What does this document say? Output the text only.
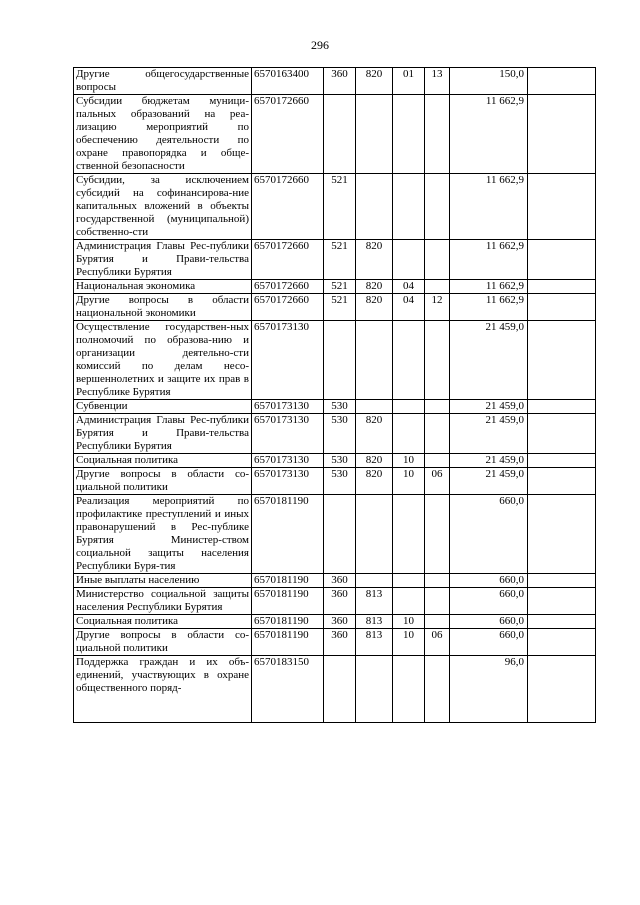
296
Другие общегосударственные вопросы	6570163400	360	820	01	13	150,0	
Субсидии бюджетам муници-пальных образований на реа-лизацию мероприятий по обеспечению деятельности по охране правопорядка и обще-ственной безопасности	6570172660					11 662,9	
Субсидии, за исключением субсидий на софинансирова-ние капитальных вложений в объекты государственной (муниципальной) собственно-сти	6570172660	521				11 662,9	
Администрация Главы Рес-публики Бурятия и Прави-тельства Республики Бурятия	6570172660	521	820			11 662,9	
Национальная экономика	6570172660	521	820	04		11 662,9	
Другие вопросы в области национальной экономики	6570172660	521	820	04	12	11 662,9	
Осуществление государствен-ных полномочий по образова-нию и организации деятельно-сти комиссий по делам несо-вершеннолетних и защите их прав в Республике Бурятия	6570173130					21 459,0	
Субвенции	6570173130	530				21 459,0	
Администрация Главы Рес-публики Бурятия и Прави-тельства Республики Бурятия	6570173130	530	820			21 459,0	
Социальная политика	6570173130	530	820	10		21 459,0	
Другие вопросы в области со-циальной политики	6570173130	530	820	10	06	21 459,0	
Реализация мероприятий по профилактике преступлений и иных правонарушений в Рес-публике Бурятия Министер-ством социальной защиты населения Республики Буря-тия	6570181190					660,0	
Иные выплаты населению	6570181190	360				660,0	
Министерство социальной защиты населения Республики Бурятия	6570181190	360	813			660,0	
Социальная политика	6570181190	360	813	10		660,0	
Другие вопросы в области со-циальной политики	6570181190	360	813	10	06	660,0	
Поддержка граждан и их объ-единений, участвующих в охране общественного поряд-	6570183150					96,0	
